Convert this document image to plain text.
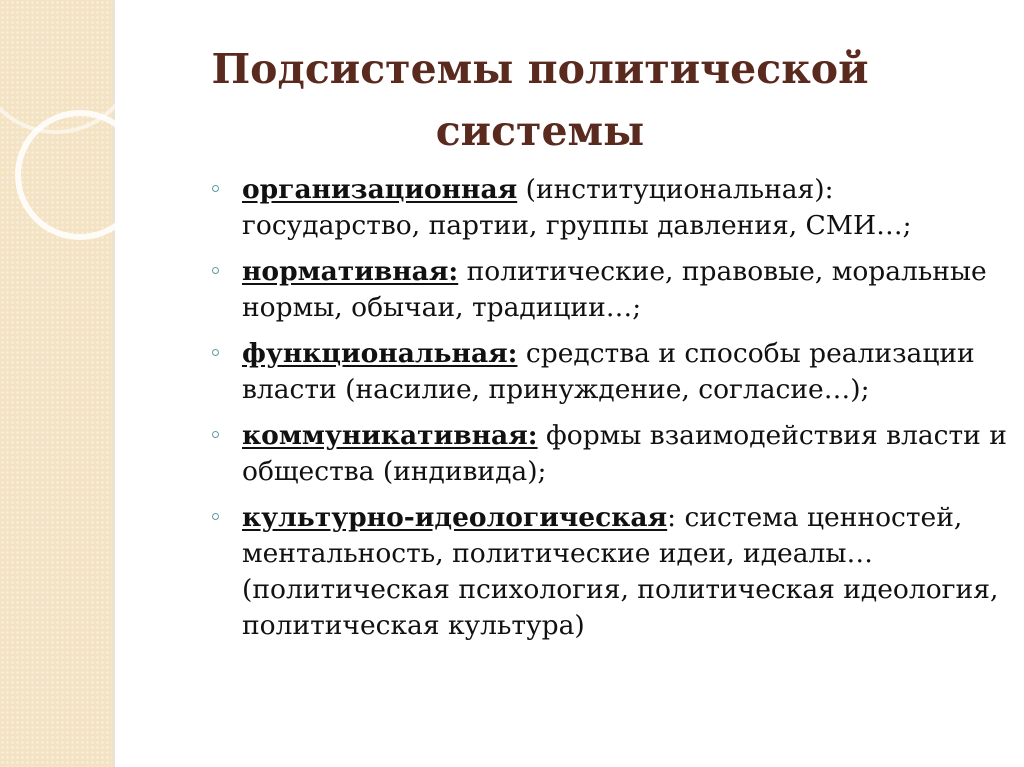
Подсистемы политической
системы
организационная (институциональная): государство, партии, группы давления, СМИ…;
нормативная: политические, правовые, моральные нормы, обычаи, традиции…;
функциональная: средства и способы реализации власти (насилие, принуждение, согласие…);
коммуникативная: формы взаимодействия власти и общества (индивида);
культурно-идеологическая: система ценностей, ментальность, политические идеи, идеалы… (политическая психология, политическая идеология, политическая культура)
